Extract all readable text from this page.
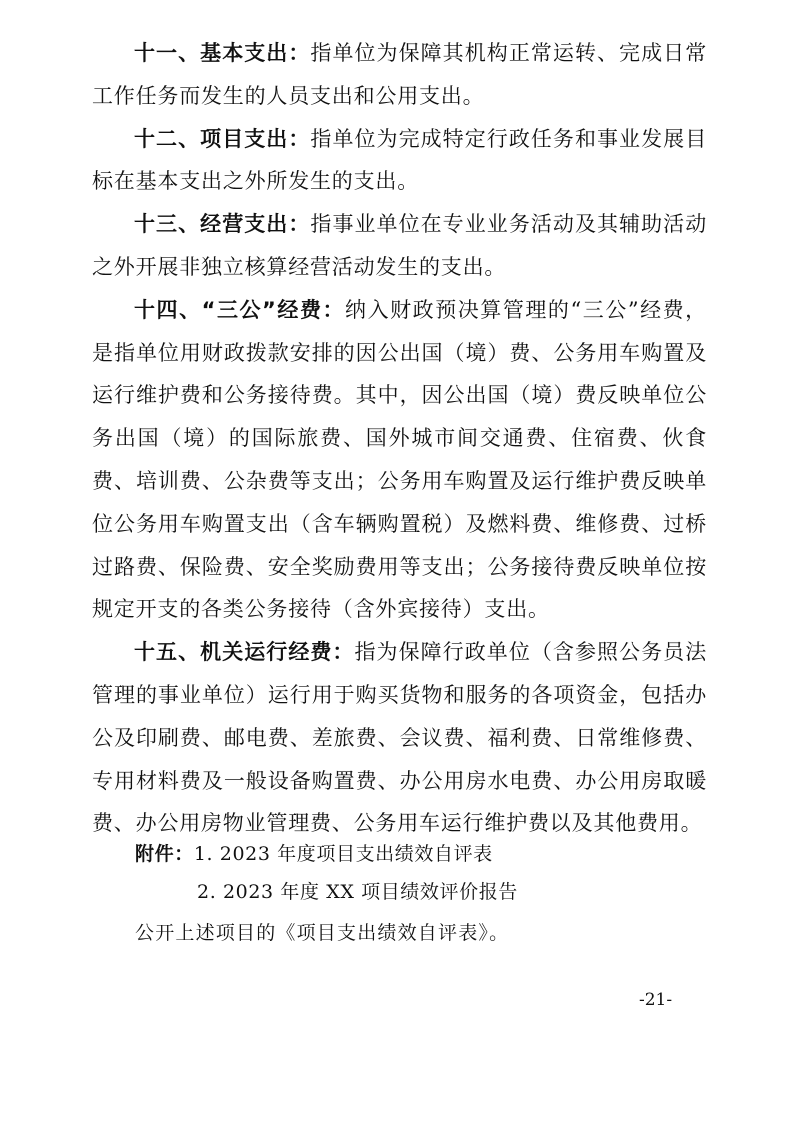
十一、基本支出：指单位为保障其机构正常运转、完成日常工作任务而发生的人员支出和公用支出。

十二、项目支出：指单位为完成特定行政任务和事业发展目标在基本支出之外所发生的支出。

十三、经营支出：指事业单位在专业业务活动及其辅助活动之外开展非独立核算经营活动发生的支出。

十四、“三公”经费：纳入财政预决算管理的“三公”经费，是指单位用财政拨款安排的因公出国（境）费、公务用车购置及运行维护费和公务接待费。其中，因公出国（境）费反映单位公务出国（境）的国际旅费、国外城市间交通费、住宿费、伙食费、培训费、公杂费等支出；公务用车购置及运行维护费反映单位公务用车购置支出（含车辆购置税）及燃料费、维修费、过桥过路费、保险费、安全奖励费用等支出；公务接待费反映单位按规定开支的各类公务接待（含外宾接待）支出。

十五、机关运行经费：指为保障行政单位（含参照公务员法管理的事业单位）运行用于购买货物和服务的各项资金，包括办公及印刷费、邮电费、差旅费、会议费、福利费、日常维修费、专用材料费及一般设备购置费、办公用房水电费、办公用房取暖费、办公用房物业管理费、公务用车运行维护费以及其他费用。

附件：1. 2023 年度项目支出绩效自评表
2. 2023 年度 XX 项目绩效评价报告
公开上述项目的《项目支出绩效自评表》。
-21-
